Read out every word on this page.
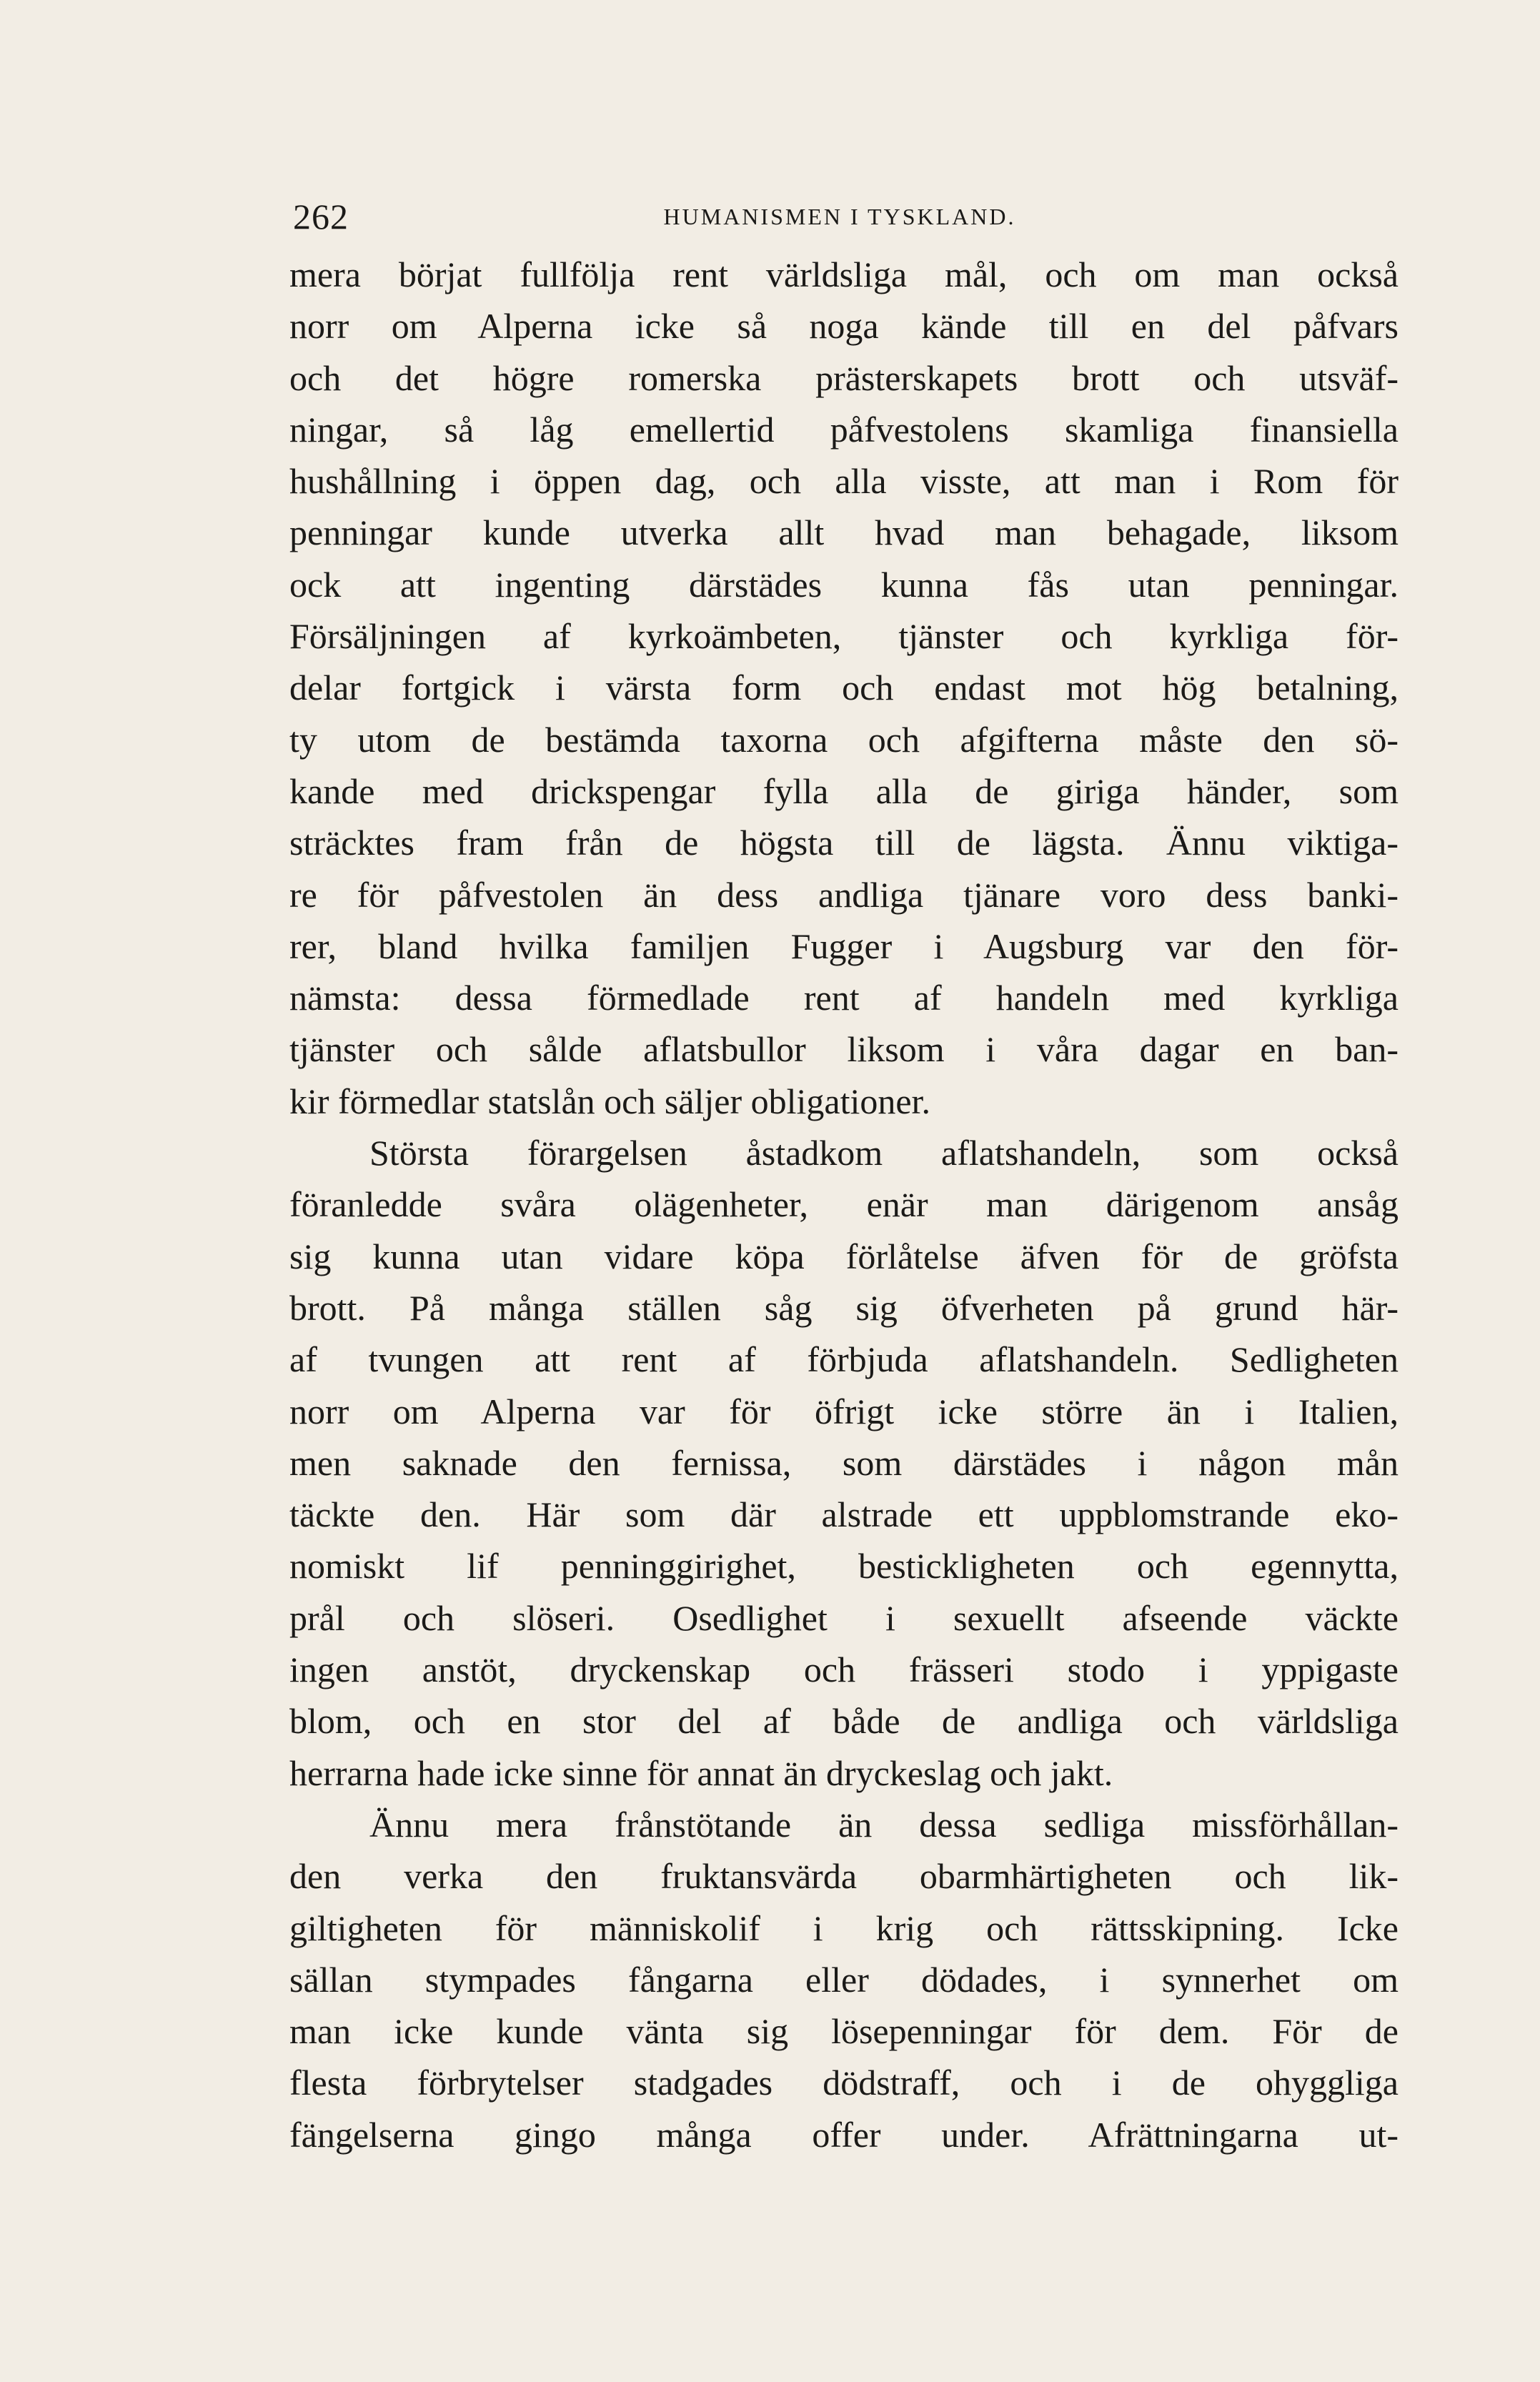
262	HUMANISMEN I TYSKLAND.
mera börjat fullfölja rent världsliga mål, och om man också
norr om Alperna icke så noga kände till en del påfvars
och det högre romerska prästerskapets brott och utsväf-
ningar, så låg emellertid påfvestolens skamliga finansiella
hushållning i öppen dag, och alla visste, att man i Rom för
penningar kunde utverka allt hvad man behagade, liksom
ock att ingenting därstädes kunna fås utan penningar.
Försäljningen af kyrkoämbeten, tjänster och kyrkliga för-
delar fortgick i värsta form och endast mot hög betalning,
ty utom de bestämda taxorna och afgifterna måste den sö-
kande med drickspengar fylla alla de giriga händer, som
sträcktes fram från de högsta till de lägsta. Ännu viktiga-
re för påfvestolen än dess andliga tjänare voro dess banki-
rer, bland hvilka familjen Fugger i Augsburg var den för-
nämsta: dessa förmedlade rent af handeln med kyrkliga
tjänster och sålde aflatsbullor liksom i våra dagar en ban-
kir förmedlar statslån och säljer obligationer.
Största förargelsen åstadkom aflatshandeln, som också
föranledde svåra olägenheter, enär man därigenom ansåg
sig kunna utan vidare köpa förlåtelse äfven för de gröfsta
brott. På många ställen såg sig öfverheten på grund här-
af tvungen att rent af förbjuda aflatshandeln. Sedligheten
norr om Alperna var för öfrigt icke större än i Italien,
men saknade den fernissa, som därstädes i någon mån
täckte den. Här som där alstrade ett uppblomstrande eko-
nomiskt lif penninggirighet, bestickligheten och egennytta,
prål och slöseri. Osedlighet i sexuellt afseende väckte
ingen anstöt, dryckenskap och frässeri stodo i yppigaste
blom, och en stor del af både de andliga och världsliga
herrarna hade icke sinne för annat än dryckeslag och jakt.
Ännu mera frånstötande än dessa sedliga missförhållan-
den verka den fruktansvärda obarmhärtigheten och lik-
giltigheten för människolif i krig och rättsskipning. Icke
sällan stympades fångarna eller dödades, i synnerhet om
man icke kunde vänta sig lösepenningar för dem. För de
flesta förbrytelser stadgades dödstraff, och i de ohyggliga
fängelserna gingo många offer under. Afrättningarna ut-
